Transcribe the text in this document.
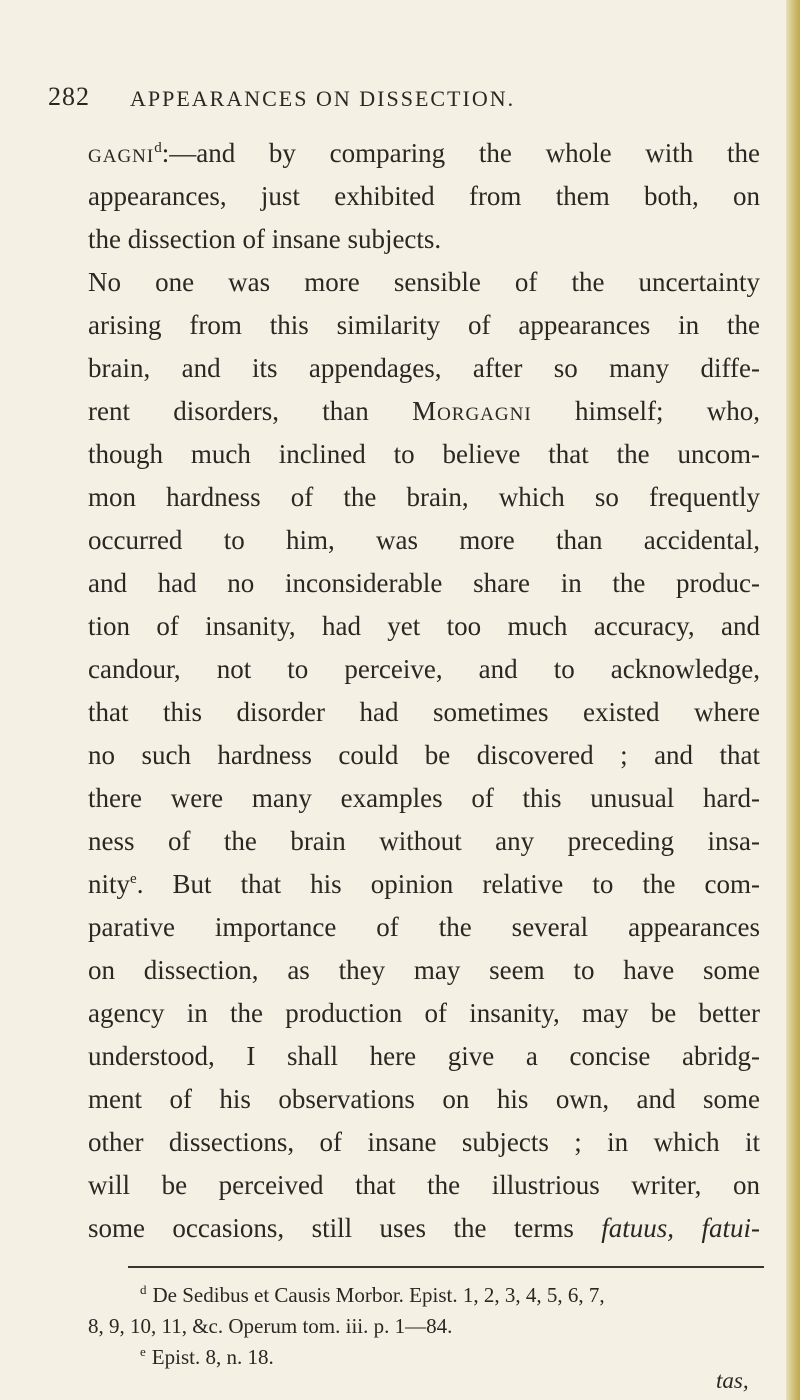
282 APPEARANCES ON DISSECTION.
gagni$^d$:—and by comparing the whole with the
appearances, just exhibited from them both, on
the dissection of insane subjects.
No one was more sensible of the uncertainty
arising from this similarity of appearances in the
brain, and its appendages, after so many diffe-
rent disorders, than Morgagni himself; who,
though much inclined to believe that the uncom-
mon hardness of the brain, which so frequently
occurred to him, was more than accidental,
and had no inconsiderable share in the produc-
tion of insanity, had yet too much accuracy, and
candour, not to perceive, and to acknowledge,
that this disorder had sometimes existed where
no such hardness could be discovered ; and that
there were many examples of this unusual hard-
ness of the brain without any preceding insa-
nity$^e$. But that his opinion relative to the com-
parative importance of the several appearances
on dissection, as they may seem to have some
agency in the production of insanity, may be better
understood, I shall here give a concise abridg-
ment of his observations on his own, and some
other dissections, of insane subjects ; in which it
will be perceived that the illustrious writer, on
some occasions, still uses the terms fatuus, fatui-
$^d$ De Sedibus et Causis Morbor. Epist. 1, 2, 3, 4, 5, 6, 7,
8, 9, 10, 11, &c. Operum tom. iii. p. 1—84.
$^e$ Epist. 8, n. 18.
tas,
